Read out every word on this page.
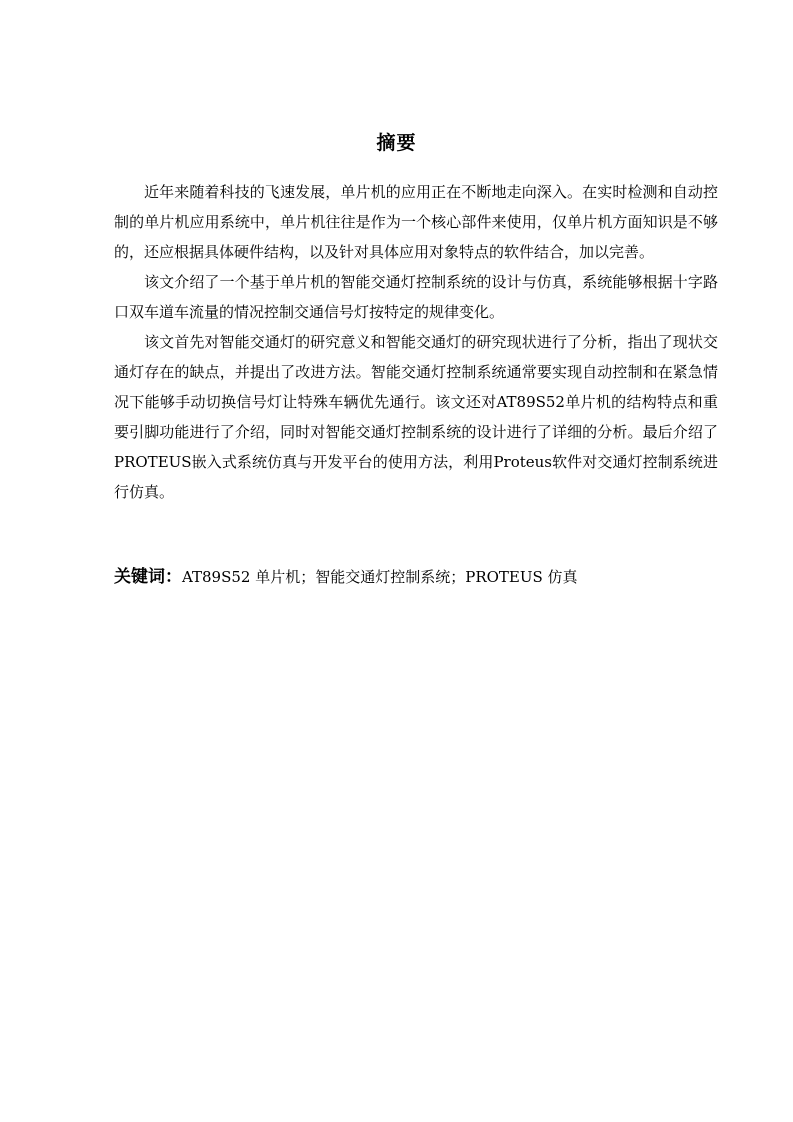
摘要

近年来随着科技的飞速发展，单片机的应用正在不断地走向深入。在实时检测和自动控制的单片机应用系统中，单片机往往是作为一个核心部件来使用，仅单片机方面知识是不够的，还应根据具体硬件结构，以及针对具体应用对象特点的软件结合，加以完善。

该文介绍了一个基于单片机的智能交通灯控制系统的设计与仿真，系统能够根据十字路口双车道车流量的情况控制交通信号灯按特定的规律变化。

该文首先对智能交通灯的研究意义和智能交通灯的研究现状进行了分析，指出了现状交通灯存在的缺点，并提出了改进方法。智能交通灯控制系统通常要实现自动控制和在紧急情况下能够手动切换信号灯让特殊车辆优先通行。该文还对AT89S52单片机的结构特点和重要引脚功能进行了介绍，同时对智能交通灯控制系统的设计进行了详细的分析。最后介绍了PROTEUS嵌入式系统仿真与开发平台的使用方法，利用Proteus软件对交通灯控制系统进行仿真。

关键词：AT89S52 单片机；智能交通灯控制系统；PROTEUS 仿真
